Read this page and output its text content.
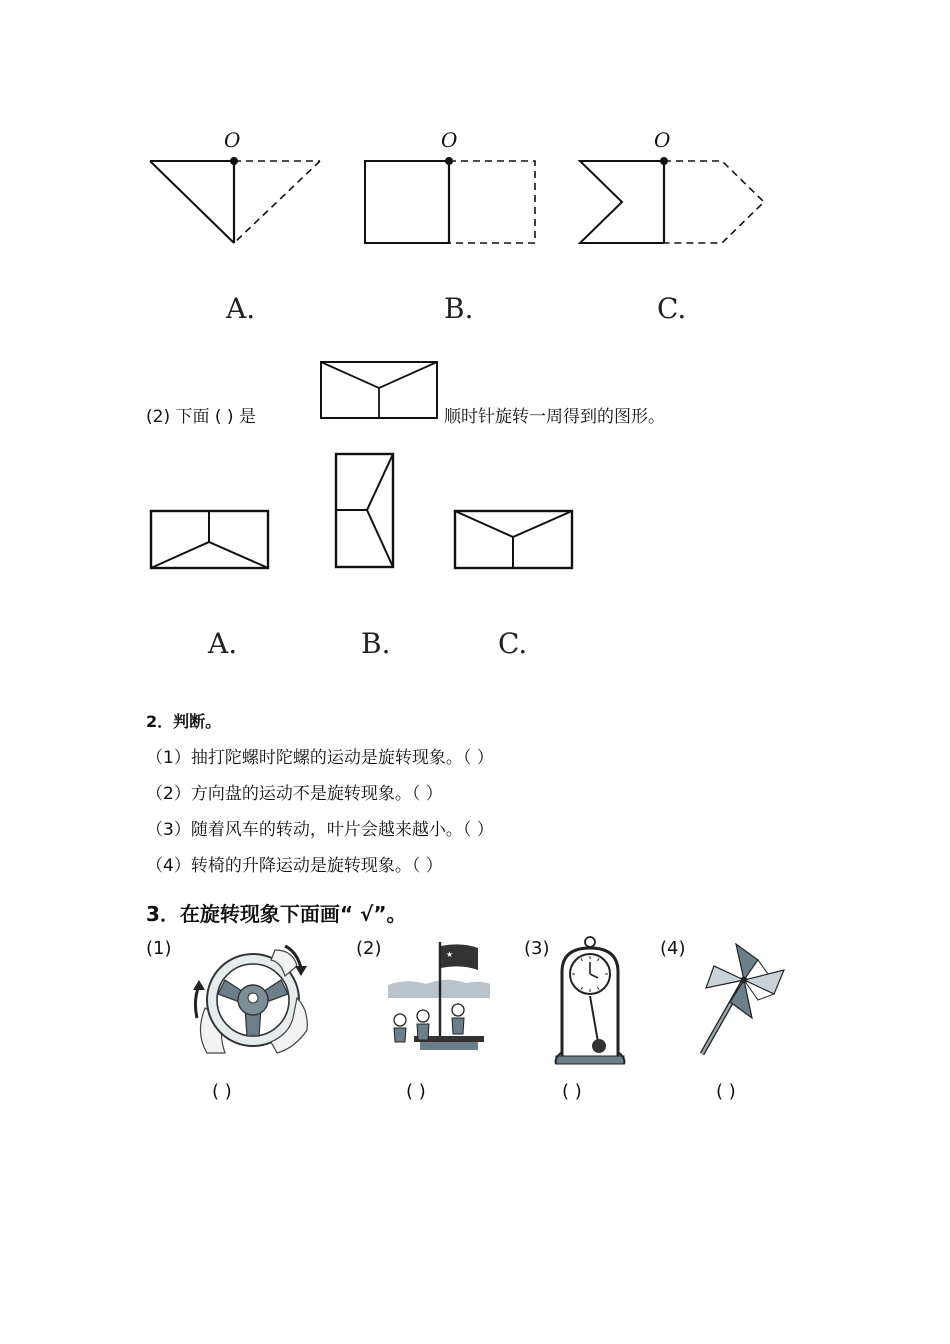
O
A.
O
B.
O
C.
(2) 下面 ( ) 是	顺时针旋转一周得到的图形。
A.	B.	C.
2．判断。
（1）抽打陀螺时陀螺的运动是旋转现象。（ ）
（2）方向盘的运动不是旋转现象。（ ）
（3）随着风车的转动，叶片会越来越小。（ ）
（4）转椅的升降运动是旋转现象。（ ）
3．在旋转现象下面画“ √”。
(1)
( )
(2)	★
( )
(3)
( )
(4)
( )
